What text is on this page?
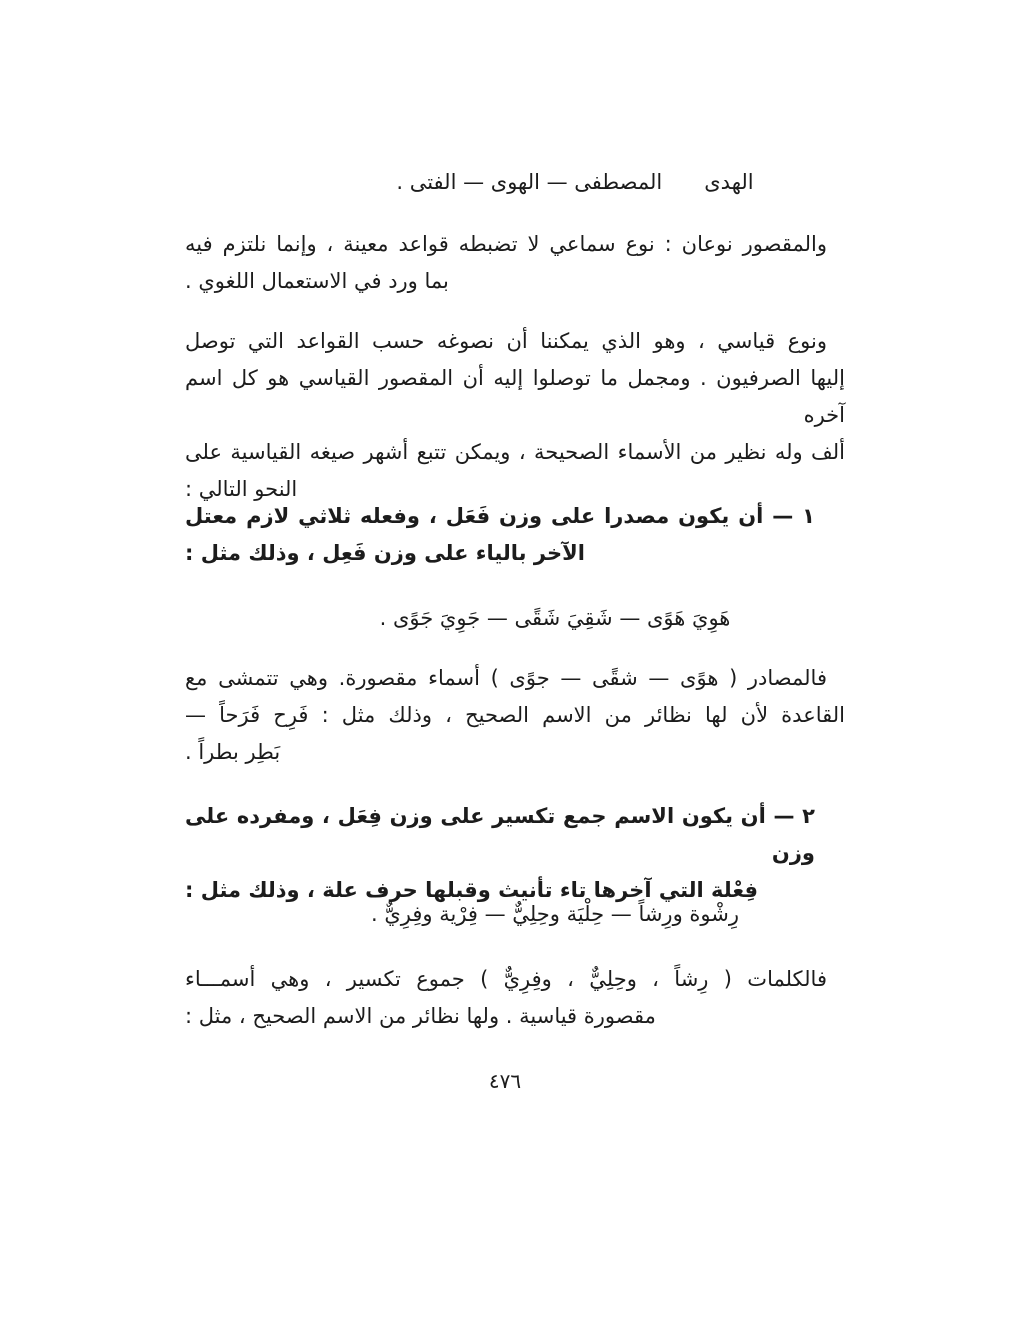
الهدى  المصطفى — الهوى — الفتى .
والمقصور نوعان : نوع سماعي لا تضبطه قواعد معينة ، وإنما نلتزم فيه
بما ورد في الاستعمال اللغوي .
ونوع قياسي ، وهو الذي يمكننا أن نصوغه حسب القواعد التي توصل
إليها الصرفيون . ومجمل ما توصلوا إليه أن المقصور القياسي هو كل اسم آخره
ألف وله نظير من الأسماء الصحيحة ، ويمكن تتبع أشهر صيغه القياسية على
النحو التالي :
١ — أن يكون مصدرا على وزن فَعَل ، وفعله ثلاثي لازم معتل
الآخر بالياء على وزن فَعِل ، وذلك مثل :
هَوِيَ هَوًى — شَقِيَ شَقًى — جَوِيَ جَوًى .
فالمصادر ( هوًى — شقًى — جوًى ) أسماء مقصورة. وهي تتمشى مع
القاعدة لأن لها نظائر من الاسم الصحيح ، وذلك مثل : فَرِح فَرَحاً —
بَطِر بطراً .
٢ — أن يكون الاسم جمع تكسير على وزن فِعَل ، ومفرده على وزن
فِعْلة التي آخرها تاء تأنيث وقبلها حرف علة ، وذلك مثل :
رِشْوة ورِشاً — حِلْيَة وحِلِيٌّ — فِرْية وفِرِيٌّ .
فالكلمات ( رِشاً ، وحِلِيٌّ ، وفِرِيٌّ ) جموع تكسير ، وهي أسمـــاء
مقصورة قياسية . ولها نظائر من الاسم الصحيح ، مثل :
٤٧٦
